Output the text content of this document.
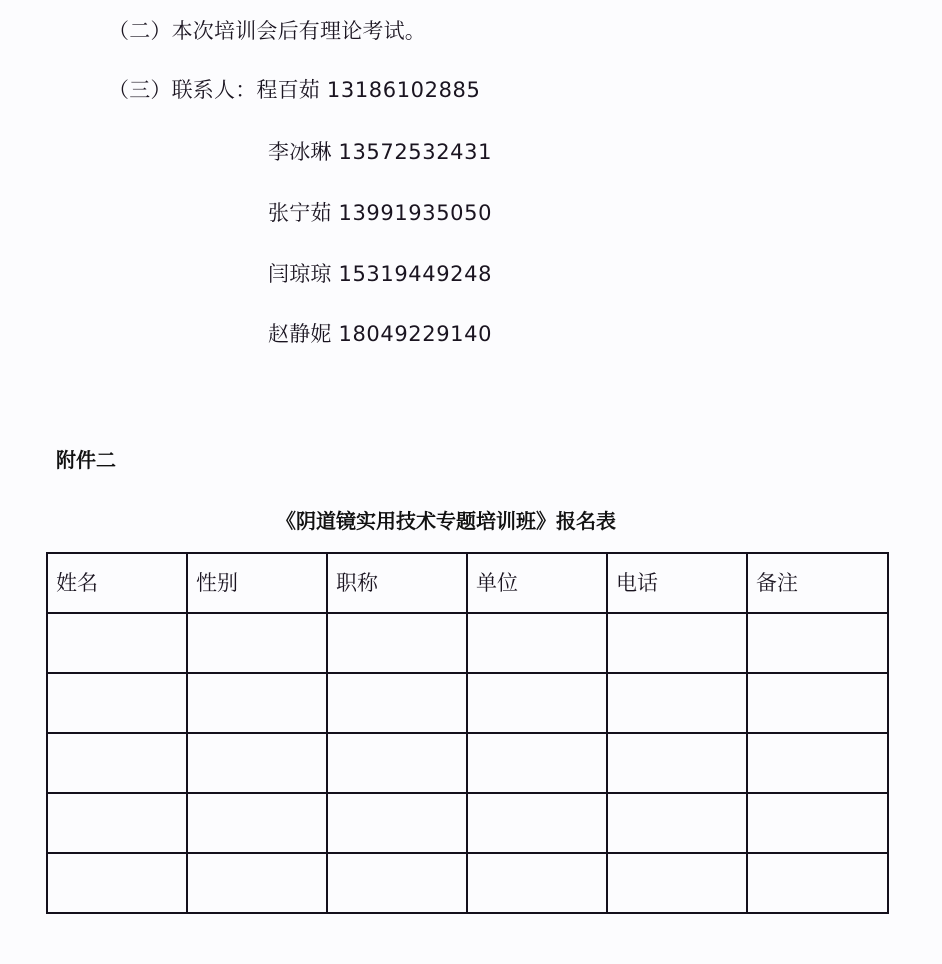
（二）本次培训会后有理论考试。
（三）联系人：程百茹 13186102885
李冰琳 13572532431
张宁茹 13991935050
闫琼琼 15319449248
赵静妮 18049229140
附件二
《阴道镜实用技术专题培训班》报名表
姓名	性别	职称	单位	电话	备注
